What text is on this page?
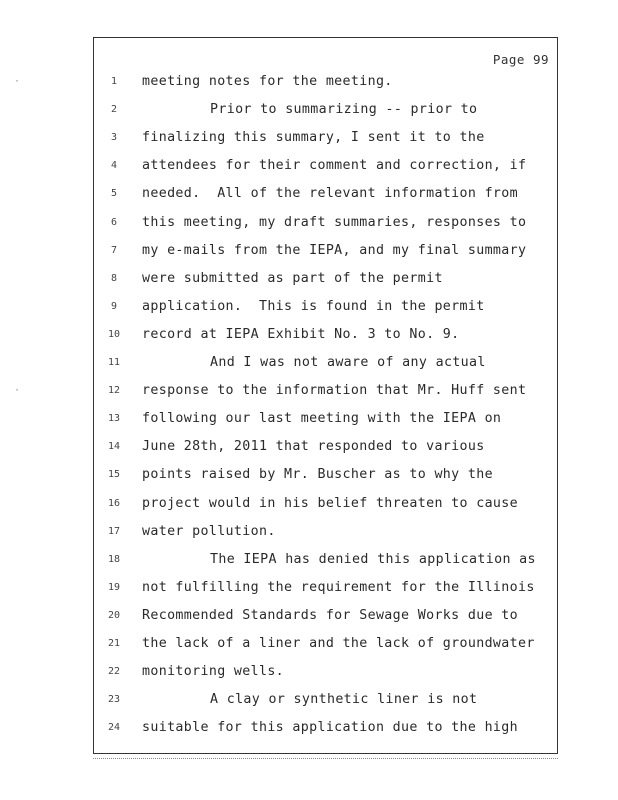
Page 99
1
2
3
4
5
6
7
8
9
10
11
12
13
14
15
16
17
18
19
20
21
22
23
24
meeting notes for the meeting.
Prior to summarizing -- prior to
finalizing this summary, I sent it to the
attendees for their comment and correction, if
needed.  All of the relevant information from
this meeting, my draft summaries, responses to
my e-mails from the IEPA, and my final summary
were submitted as part of the permit
application.  This is found in the permit
record at IEPA Exhibit No. 3 to No. 9.
And I was not aware of any actual
response to the information that Mr. Huff sent
following our last meeting with the IEPA on
June 28th, 2011 that responded to various
points raised by Mr. Buscher as to why the
project would in his belief threaten to cause
water pollution.
The IEPA has denied this application as
not fulfilling the requirement for the Illinois
Recommended Standards for Sewage Works due to
the lack of a liner and the lack of groundwater
monitoring wells.
A clay or synthetic liner is not
suitable for this application due to the high
·
·
